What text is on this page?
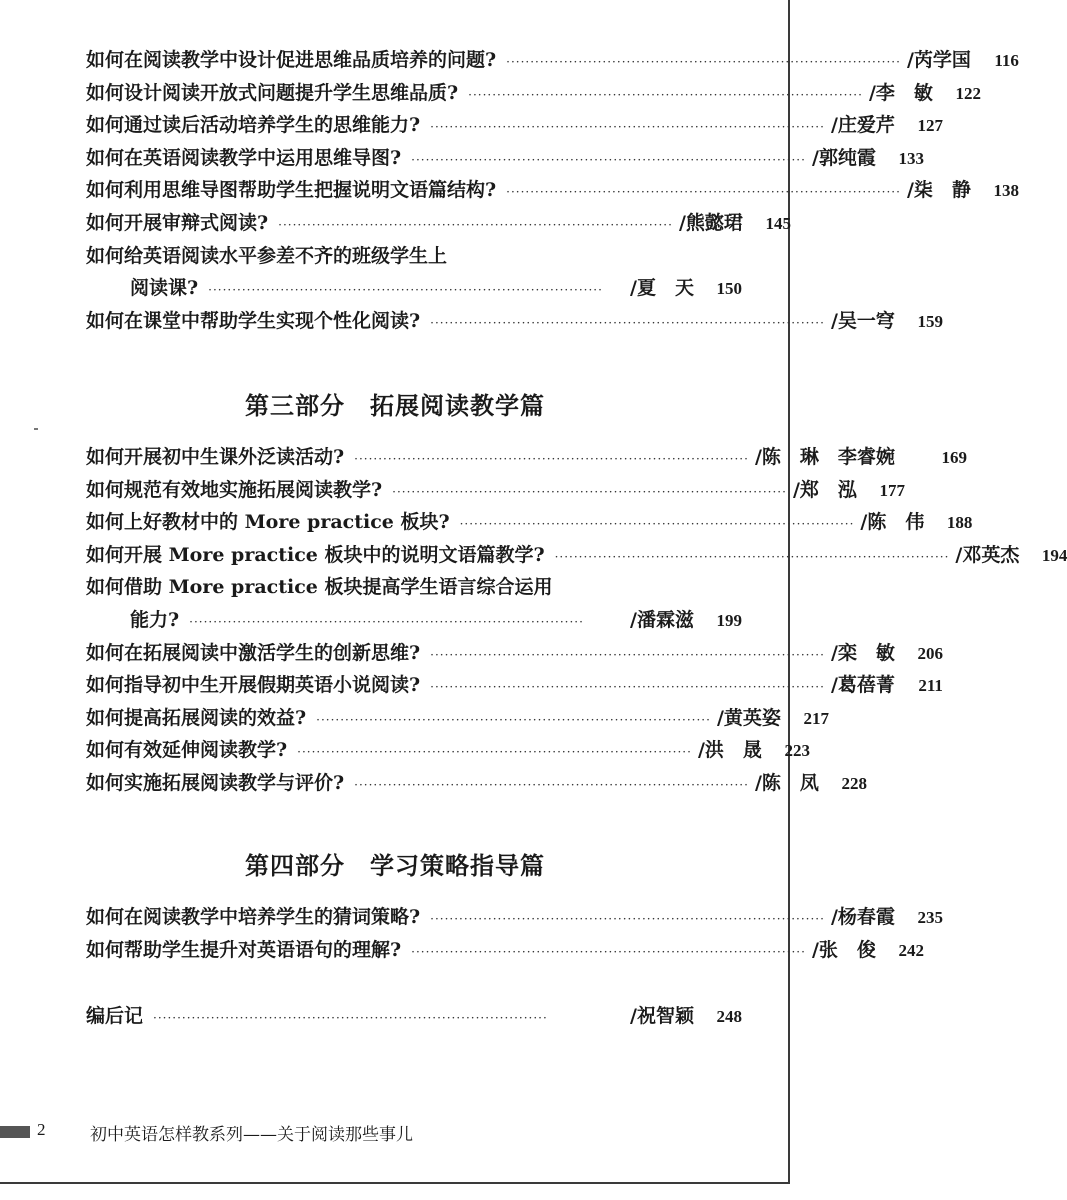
如何在阅读教学中设计促进思维品质培养的问题? ·················································································· /芮学国	116
如何设计阅读开放式问题提升学生思维品质? ·················································································· /李　敏	122
如何通过读后活动培养学生的思维能力? ·················································································· /庄爱芹	127
如何在英语阅读教学中运用思维导图? ·················································································· /郭纯霞	133
如何利用思维导图帮助学生把握说明文语篇结构? ·················································································· /柒　静	138
如何开展审辩式阅读? ·················································································· /熊懿珺	145
如何给英语阅读水平参差不齐的班级学生上
阅读课? ··················································································	/夏　天	150
如何在课堂中帮助学生实现个性化阅读? ·················································································· /吴一穹	159
第三部分　拓展阅读教学篇
如何开展初中生课外泛读活动? ·················································································· /陈　琳　李睿婉	169
如何规范有效地实施拓展阅读教学? ·················································································· /郑　泓	177
如何上好教材中的 More practice 板块? ·················································································· /陈　伟	188
如何开展 More practice 板块中的说明文语篇教学? ·················································································· /邓英杰	194
如何借助 More practice 板块提高学生语言综合运用
能力? ··················································································	/潘霖滋	199
如何在拓展阅读中激活学生的创新思维? ·················································································· /栾　敏	206
如何指导初中生开展假期英语小说阅读? ·················································································· /葛蓓菁	211
如何提高拓展阅读的效益? ·················································································· /黄英姿	217
如何有效延伸阅读教学? ·················································································· /洪　晟	223
如何实施拓展阅读教学与评价? ·················································································· /陈　凤	228
第四部分　学习策略指导篇
如何在阅读教学中培养学生的猜词策略? ·················································································· /杨春霞	235
如何帮助学生提升对英语语句的理解? ·················································································· /张　俊	242
编后记 ··················································································	/祝智颖	248
2	初中英语怎样教系列——关于阅读那些事儿
